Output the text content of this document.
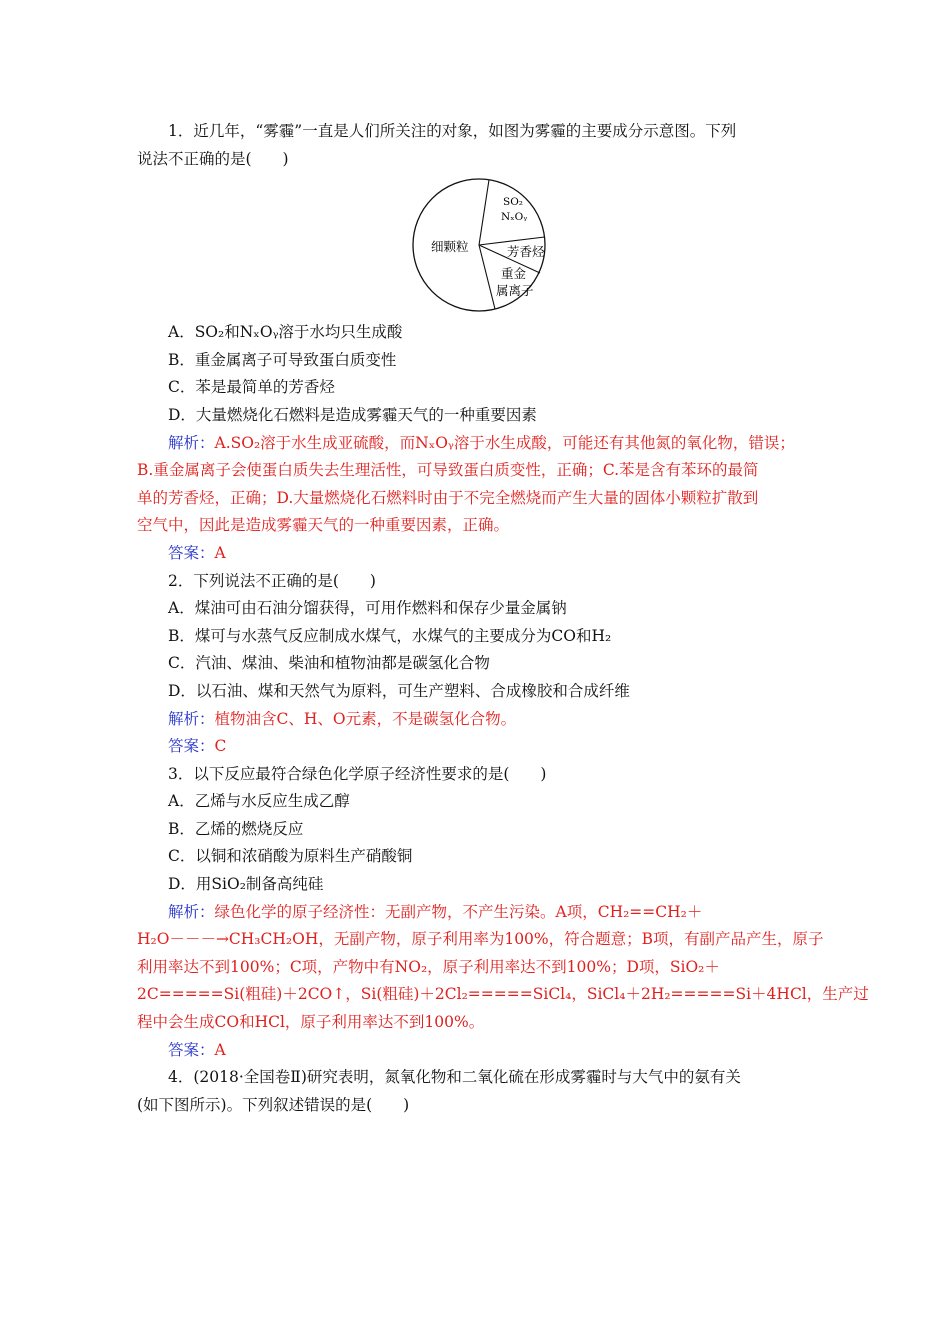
1．近几年，“雾霾”一直是人们所关注的对象，如图为雾霾的主要成分示意图。下列
说法不正确的是(　　)
细颗粒
SO₂
NₓOᵧ
芳香烃
重金
属离子
A．SO₂和NₓOᵧ溶于水均只生成酸
B．重金属离子可导致蛋白质变性
C．苯是最简单的芳香烃
D．大量燃烧化石燃料是造成雾霾天气的一种重要因素
解析：A.SO₂溶于水生成亚硫酸，而NₓOᵧ溶于水生成酸，可能还有其他氮的氧化物，错误；
B.重金属离子会使蛋白质失去生理活性，可导致蛋白质变性，正确；C.苯是含有苯环的最简
单的芳香烃，正确；D.大量燃烧化石燃料时由于不完全燃烧而产生大量的固体小颗粒扩散到
空气中，因此是造成雾霾天气的一种重要因素，正确。
答案：A
2．下列说法不正确的是(　　)
A．煤油可由石油分馏获得，可用作燃料和保存少量金属钠
B．煤可与水蒸气反应制成水煤气，水煤气的主要成分为CO和H₂
C．汽油、煤油、柴油和植物油都是碳氢化合物
D．以石油、煤和天然气为原料，可生产塑料、合成橡胶和合成纤维
解析：植物油含C、H、O元素，不是碳氢化合物。
答案：C
3．以下反应最符合绿色化学原子经济性要求的是(　　)
A．乙烯与水反应生成乙醇
B．乙烯的燃烧反应
C．以铜和浓硝酸为原料生产硝酸铜
D．用SiO₂制备高纯硅
解析：绿色化学的原子经济性：无副产物，不产生污染。A项，CH₂==CH₂＋
H₂O－－－→CH₃CH₂OH，无副产物，原子利用率为100%，符合题意；B项，有副产品产生，原子
利用率达不到100%；C项，产物中有NO₂，原子利用率达不到100%；D项，SiO₂＋
2C=====Si(粗硅)＋2CO↑，Si(粗硅)＋2Cl₂=====SiCl₄，SiCl₄＋2H₂=====Si＋4HCl，生产过
程中会生成CO和HCl，原子利用率达不到100%。
答案：A
4．(2018·全国卷Ⅱ)研究表明，氮氧化物和二氧化硫在形成雾霾时与大气中的氨有关
(如下图所示)。下列叙述错误的是(　　)
